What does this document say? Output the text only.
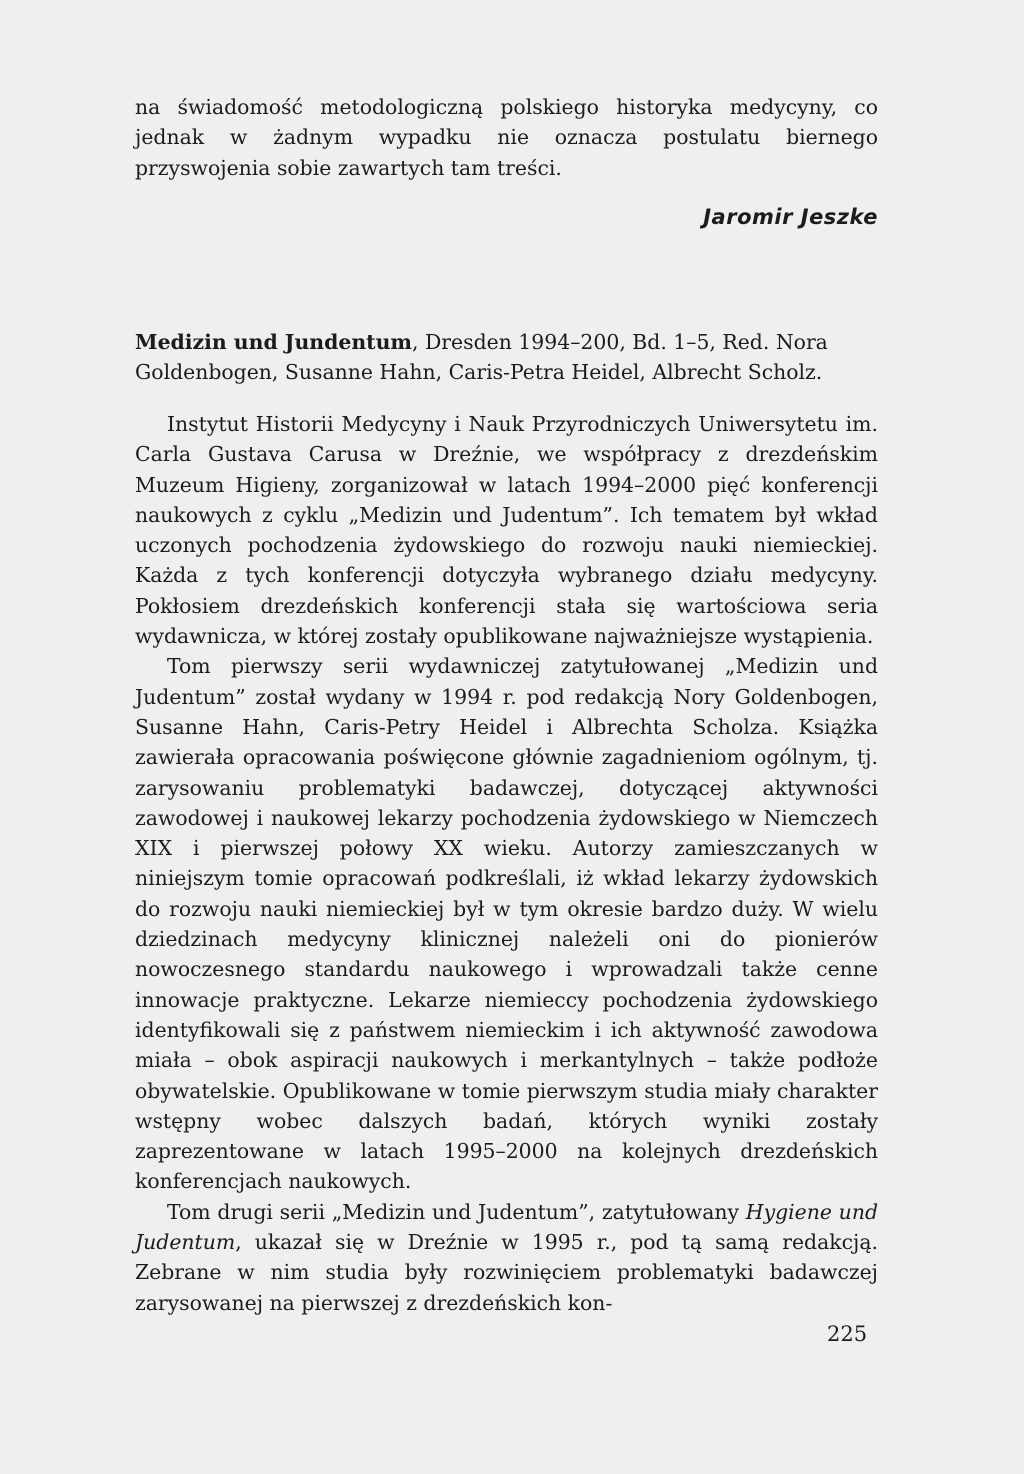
na świadomość metodologiczną polskiego historyka medycyny, co jednak w żadnym wypadku nie oznacza postulatu biernego przyswojenia sobie zawartych tam treści.

Jaromir Jeszke

Medizin und Jundentum, Dresden 1994–200, Bd. 1–5, Red. Nora Goldenbogen, Susanne Hahn, Caris-Petra Heidel, Albrecht Scholz.

Instytut Historii Medycyny i Nauk Przyrodniczych Uniwersytetu im. Carla Gustava Carusa w Dreźnie, we współpracy z drezdeńskim Muzeum Higieny, zorganizował w latach 1994–2000 pięć konferencji naukowych z cyklu „Medizin und Judentum”. Ich tematem był wkład uczonych pochodzenia żydowskiego do rozwoju nauki niemieckiej. Każda z tych konferencji dotyczyła wybranego działu medycyny. Pokłosiem drezdeńskich konferencji stała się wartościowa seria wydawnicza, w której zostały opublikowane najważniejsze wystąpienia.

Tom pierwszy serii wydawniczej zatytułowanej „Medizin und Judentum” został wydany w 1994 r. pod redakcją Nory Goldenbogen, Susanne Hahn, Caris-Petry Heidel i Albrechta Scholza. Książka zawierała opracowania poświęcone głównie zagadnieniom ogólnym, tj. zarysowaniu problematyki badawczej, dotyczącej aktywności zawodowej i naukowej lekarzy pochodzenia żydowskiego w Niemczech XIX i pierwszej połowy XX wieku. Autorzy zamieszczanych w niniejszym tomie opracowań podkreślali, iż wkład lekarzy żydowskich do rozwoju nauki niemieckiej był w tym okresie bardzo duży. W wielu dziedzinach medycyny klinicznej należeli oni do pionierów nowoczesnego standardu naukowego i wprowadzali także cenne innowacje praktyczne. Lekarze niemieccy pochodzenia żydowskiego identyfikowali się z państwem niemieckim i ich aktywność zawodowa miała – obok aspiracji naukowych i merkantylnych – także podłoże obywatelskie. Opublikowane w tomie pierwszym studia miały charakter wstępny wobec dalszych badań, których wyniki zostały zaprezentowane w latach 1995–2000 na kolejnych drezdeńskich konferencjach naukowych.

Tom drugi serii „Medizin und Judentum”, zatytułowany Hygiene und Judentum, ukazał się w Dreźnie w 1995 r., pod tą samą redakcją. Zebrane w nim studia były rozwinięciem problematyki badawczej zarysowanej na pierwszej z drezdeńskich kon-

225
